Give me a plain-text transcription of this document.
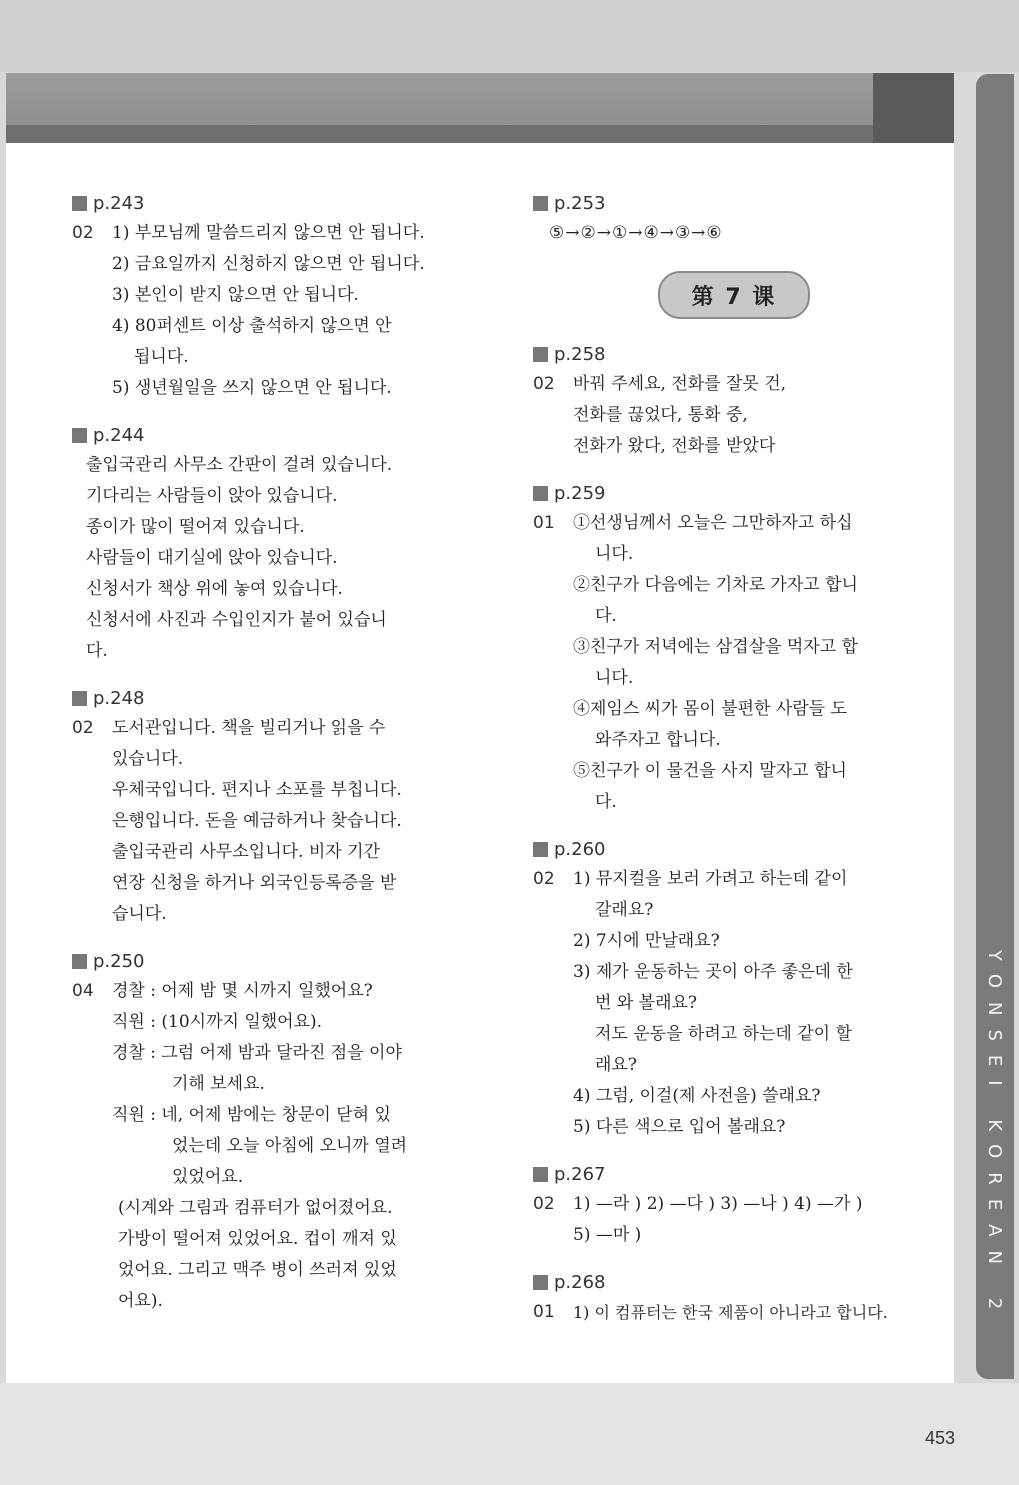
YONSEI KOREAN 2
453
p.243
02	1) 부모님께 말씀드리지 않으면 안 됩니다.
2) 금요일까지 신청하지 않으면 안 됩니다.
3) 본인이 받지 않으면 안 됩니다.
4) 80퍼센트 이상 출석하지 않으면 안
됩니다.
5) 생년월일을 쓰지 않으면 안 됩니다.
p.244
출입국관리 사무소 간판이 걸려 있습니다.
기다리는 사람들이 앉아 있습니다.
종이가 많이 떨어져 있습니다.
사람들이 대기실에 앉아 있습니다.
신청서가 책상 위에 놓여 있습니다.
신청서에 사진과 수입인지가 붙어 있습니
다.
p.248
02	도서관입니다. 책을 빌리거나 읽을 수
있습니다.
우체국입니다. 편지나 소포를 부칩니다.
은행입니다. 돈을 예금하거나 찾습니다.
출입국관리 사무소입니다. 비자 기간
연장 신청을 하거나 외국인등록증을 받
습니다.
p.250
04	경찰 : 어제 밤 몇 시까지 일했어요?
직원 : (10시까지 일했어요).
경찰 : 그럼 어제 밤과 달라진 점을 이야
기해 보세요.
직원 : 네, 어제 밤에는 창문이 닫혀 있
었는데 오늘 아침에 오니까 열려
있었어요.
(시계와 그림과 컴퓨터가 없어졌어요.
가방이 떨어져 있었어요. 컵이 깨져 있
었어요. 그리고 맥주 병이 쓰러져 있었
어요).
p.253
⑤→②→①→④→③→⑥
第 7 课
p.258
02	바꿔 주세요, 전화를 잘못 건,
전화를 끊었다, 통화 중,
전화가 왔다, 전화를 받았다
p.259
01	①선생님께서 오늘은 그만하자고 하십
니다.
②친구가 다음에는 기차로 가자고 합니
다.
③친구가 저녁에는 삼겹살을 먹자고 합
니다.
④제임스 씨가 몸이 불편한 사람들 도
와주자고 합니다.
⑤친구가 이 물건을 사지 말자고 합니
다.
p.260
02	1) 뮤지컬을 보러 가려고 하는데 같이
갈래요?
2) 7시에 만날래요?
3) 제가 운동하는 곳이 아주 좋은데 한
번 와 볼래요?
저도 운동을 하려고 하는데 같이 할
래요?
4) 그럼, 이걸(제 사전을) 쓸래요?
5) 다른 색으로 입어 볼래요?
p.267
02	1) —라 ) 2) —다 ) 3) —나 ) 4) —가 )
5) —마 )
p.268
01	1) 이 컴퓨터는 한국 제품이 아니라고 합니다.
